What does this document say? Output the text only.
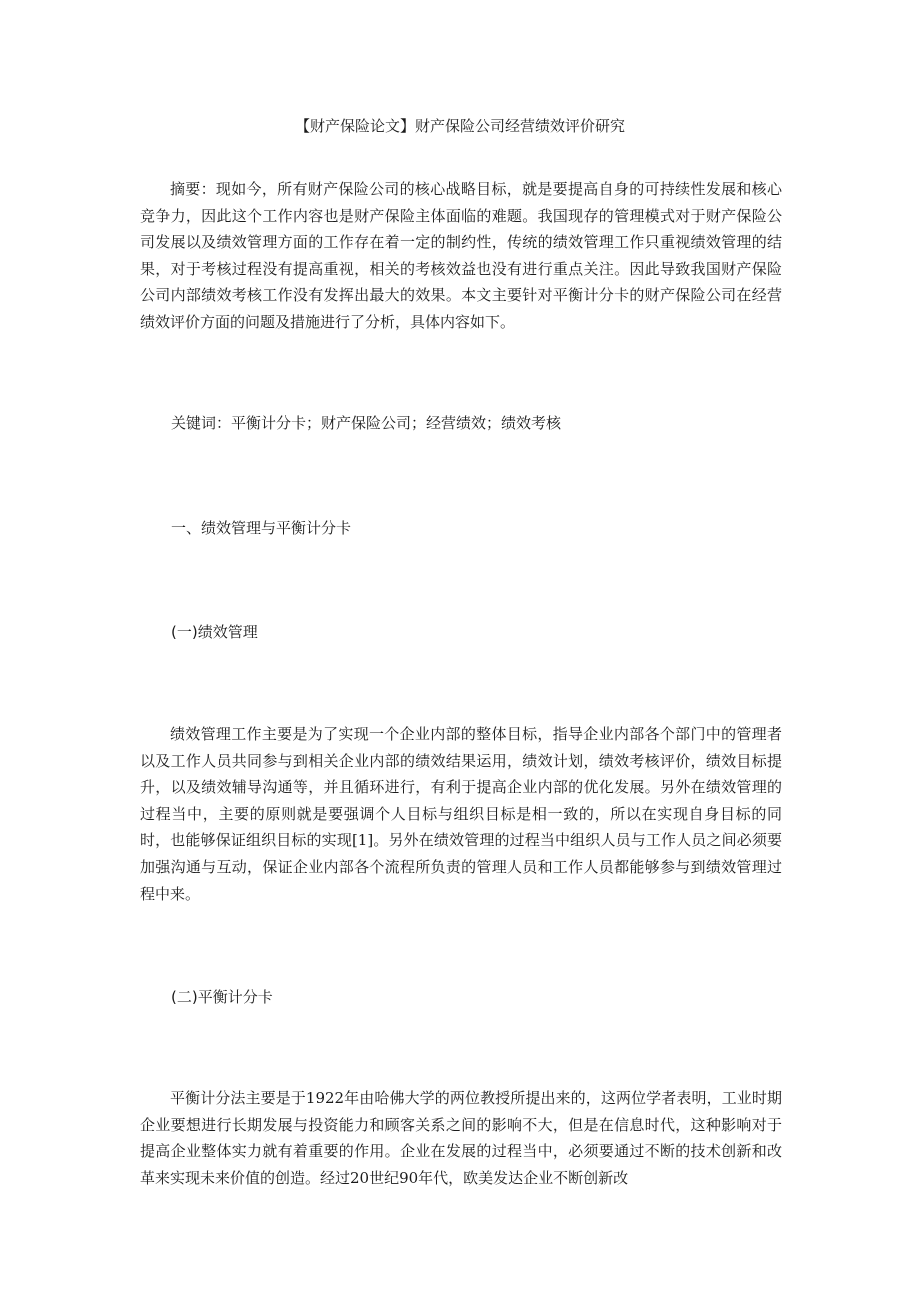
【财产保险论文】财产保险公司经营绩效评价研究

摘要：现如今，所有财产保险公司的核心战略目标，就是要提高自身的可持续性发展和核心竞争力，因此这个工作内容也是财产保险主体面临的难题。我国现存的管理模式对于财产保险公司发展以及绩效管理方面的工作存在着一定的制约性，传统的绩效管理工作只重视绩效管理的结果，对于考核过程没有提高重视，相关的考核效益也没有进行重点关注。因此导致我国财产保险公司内部绩效考核工作没有发挥出最大的效果。本文主要针对平衡计分卡的财产保险公司在经营绩效评价方面的问题及措施进行了分析，具体内容如下。

关键词：平衡计分卡；财产保险公司；经营绩效；绩效考核

一、绩效管理与平衡计分卡

(一)绩效管理

绩效管理工作主要是为了实现一个企业内部的整体目标，指导企业内部各个部门中的管理者以及工作人员共同参与到相关企业内部的绩效结果运用，绩效计划，绩效考核评价，绩效目标提升，以及绩效辅导沟通等，并且循环进行，有利于提高企业内部的优化发展。另外在绩效管理的过程当中，主要的原则就是要强调个人目标与组织目标是相一致的，所以在实现自身目标的同时，也能够保证组织目标的实现[1]。另外在绩效管理的过程当中组织人员与工作人员之间必须要加强沟通与互动，保证企业内部各个流程所负责的管理人员和工作人员都能够参与到绩效管理过程中来。

(二)平衡计分卡

平衡计分法主要是于1922年由哈佛大学的两位教授所提出来的，这两位学者表明，工业时期企业要想进行长期发展与投资能力和顾客关系之间的影响不大，但是在信息时代，这种影响对于提高企业整体实力就有着重要的作用。企业在发展的过程当中，必须要通过不断的技术创新和改革来实现未来价值的创造。经过20世纪90年代，欧美发达企业不断创新改
